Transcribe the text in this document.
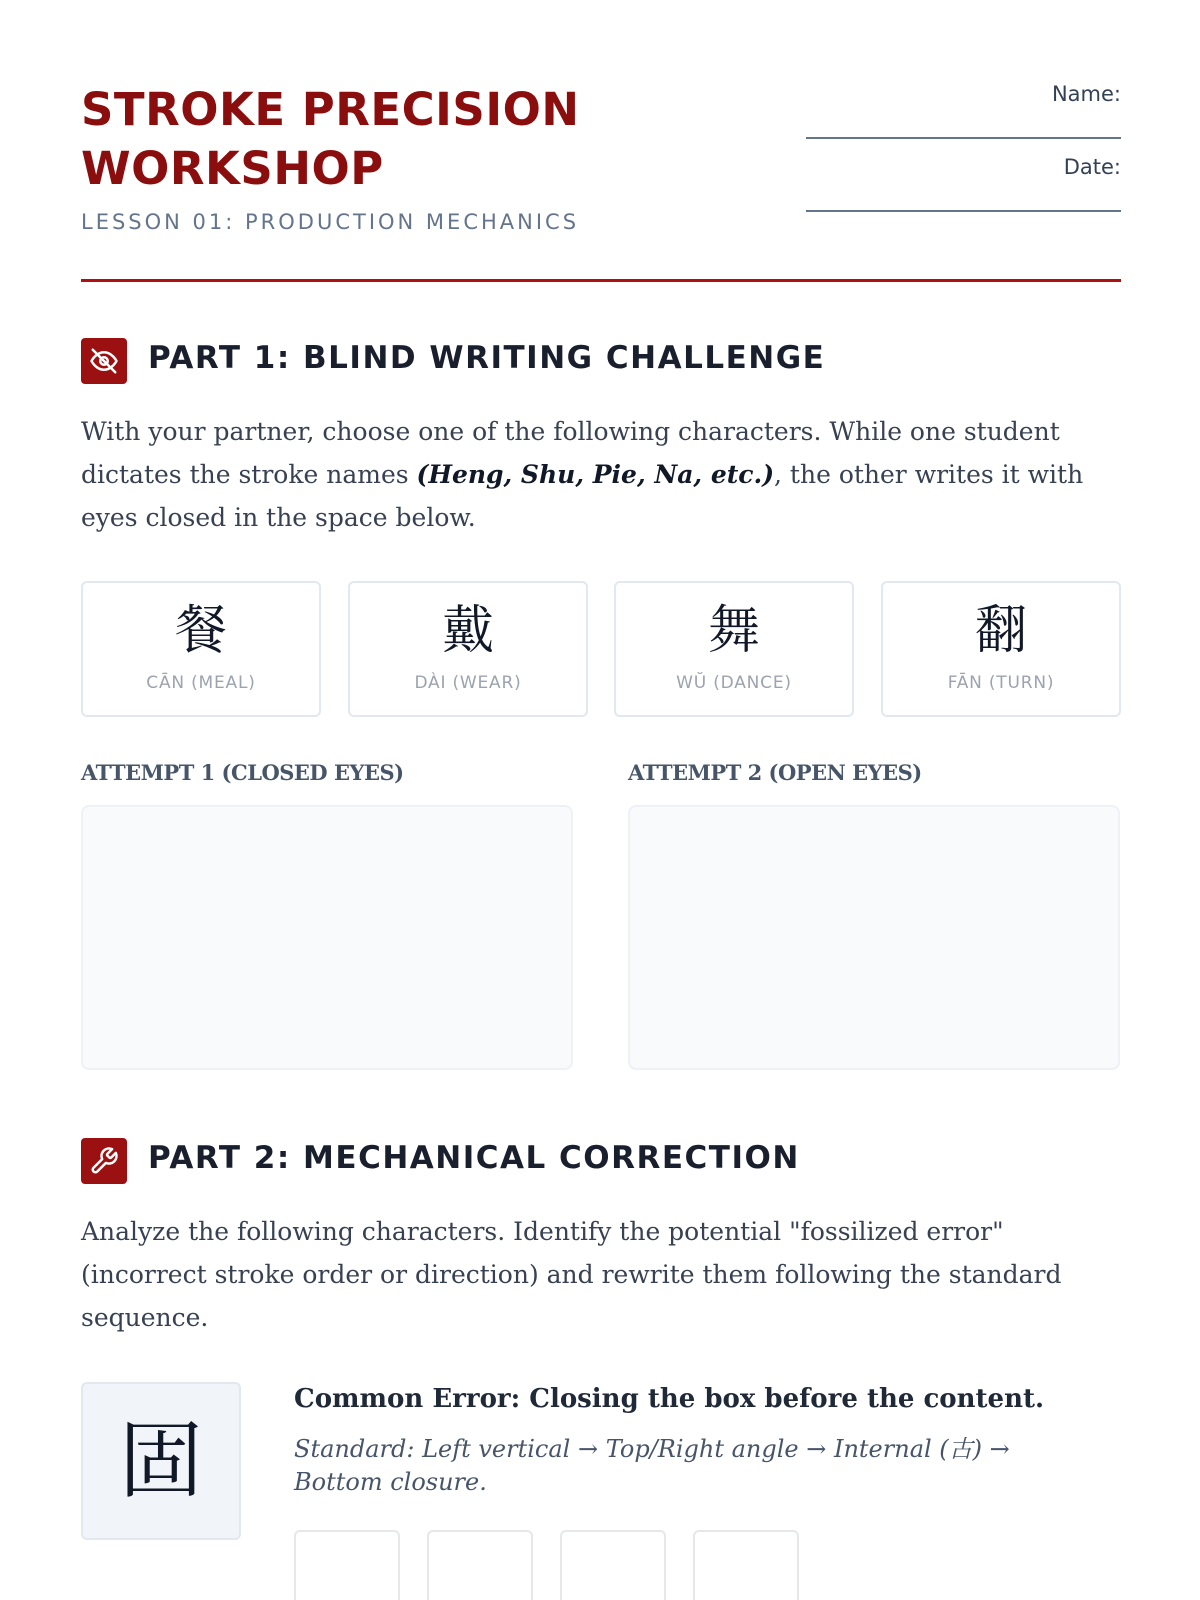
STROKE PRECISION
WORKSHOP
LESSON 01: PRODUCTION MECHANICS
Name:
Date:
PART 1: BLIND WRITING CHALLENGE
With your partner, choose one of the following characters. While one student dictates the stroke names (Heng, Shu, Pie, Na, etc.), the other writes it with eyes closed in the space below.
餐
CĀN (MEAL)
戴
DÀI (WEAR)
舞
WŬ (DANCE)
翻
FĀN (TURN)
ATTEMPT 1 (CLOSED EYES)	ATTEMPT 2 (OPEN EYES)
PART 2: MECHANICAL CORRECTION
Analyze the following characters. Identify the potential "fossilized error" (incorrect stroke order or direction) and rewrite them following the standard sequence.
固
Common Error: Closing the box before the content.
Standard: Left vertical → Top/Right angle → Internal (古) → Bottom closure.
